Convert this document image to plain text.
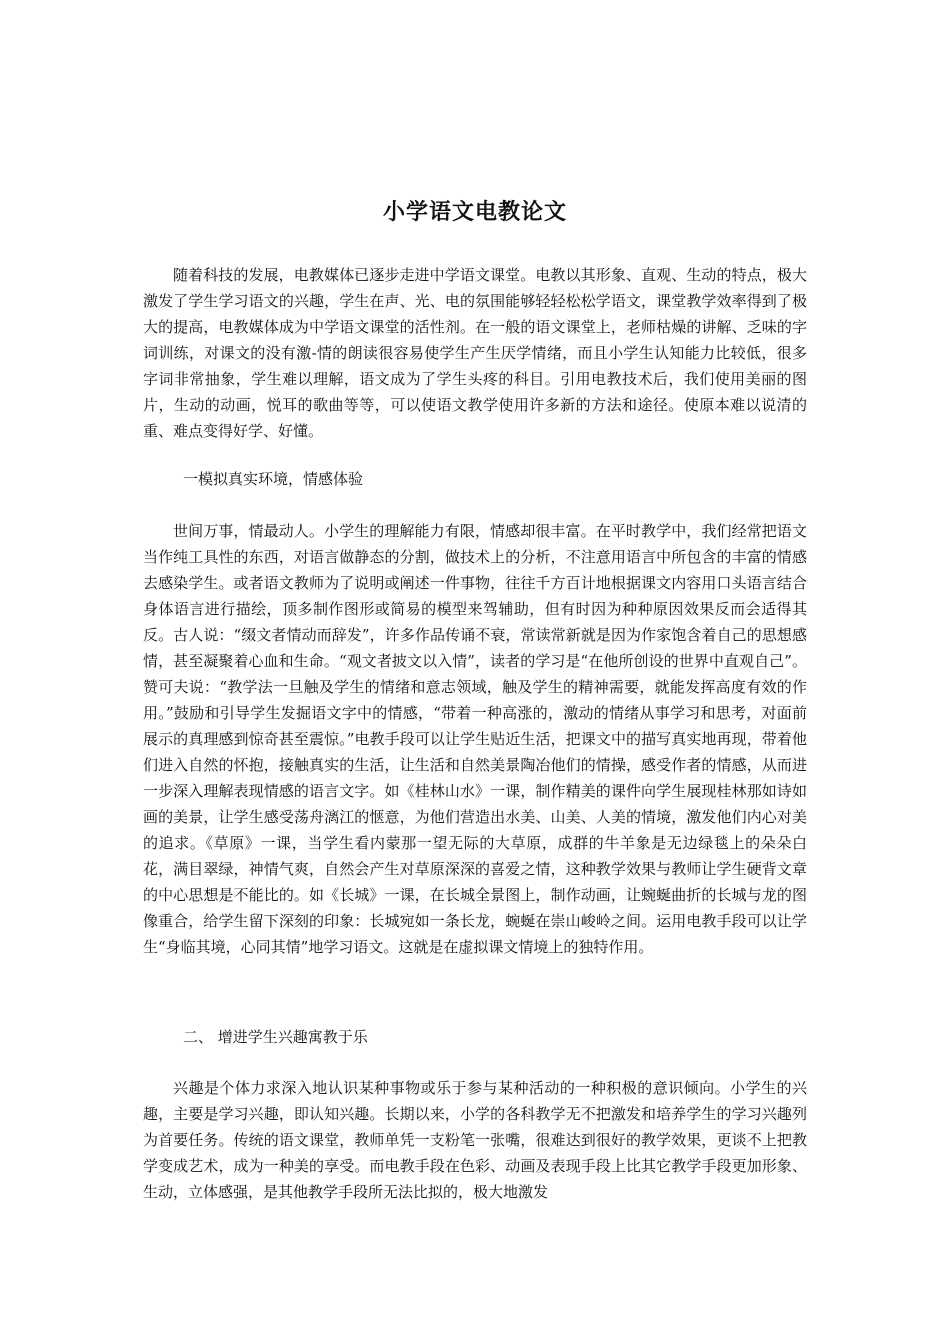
小学语文电教论文

随着科技的发展，电教媒体已逐步走进中学语文课堂。电教以其形象、直观、生动的特点，极大激发了学生学习语文的兴趣，学生在声、光、电的氛围能够轻轻松松学语文，课堂教学效率得到了极大的提高，电教媒体成为中学语文课堂的活性剂。在一般的语文课堂上，老师枯燥的讲解、乏味的字词训练，对课文的没有激-情的朗读很容易使学生产生厌学情绪，而且小学生认知能力比较低，很多字词非常抽象，学生难以理解，语文成为了学生头疼的科目。引用电教技术后，我们使用美丽的图片，生动的动画，悦耳的歌曲等等，可以使语文教学使用许多新的方法和途径。使原本难以说清的重、难点变得好学、好懂。

一模拟真实环境，情感体验

世间万事，情最动人。小学生的理解能力有限，情感却很丰富。在平时教学中，我们经常把语文当作纯工具性的东西，对语言做静态的分割，做技术上的分析，不注意用语言中所包含的丰富的情感去感染学生。或者语文教师为了说明或阐述一件事物，往往千方百计地根据课文内容用口头语言结合身体语言进行描绘，顶多制作图形或简易的模型来驾辅助，但有时因为种种原因效果反而会适得其反。古人说：“缀文者情动而辞发”，许多作品传诵不衰，常读常新就是因为作家饱含着自己的思想感情，甚至凝聚着心血和生命。“观文者披文以入情”，读者的学习是“在他所创设的世界中直观自己”。赞可夫说：“教学法一旦触及学生的情绪和意志领域，触及学生的精神需要，就能发挥高度有效的作用。”鼓励和引导学生发掘语文字中的情感，“带着一种高涨的，激动的情绪从事学习和思考，对面前展示的真理感到惊奇甚至震惊。”电教手段可以让学生贴近生活，把课文中的描写真实地再现，带着他们进入自然的怀抱，接触真实的生活，让生活和自然美景陶冶他们的情操，感受作者的情感，从而进一步深入理解表现情感的语言文字。如《桂林山水》一课，制作精美的课件向学生展现桂林那如诗如画的美景，让学生感受荡舟漓江的惬意，为他们营造出水美、山美、人美的情境，激发他们内心对美的追求。《草原》一课，当学生看内蒙那一望无际的大草原，成群的牛羊象是无边绿毯上的朵朵白花，满目翠绿，神情气爽，自然会产生对草原深深的喜爱之情，这种教学效果与教师让学生硬背文章的中心思想是不能比的。如《长城》一课，在长城全景图上，制作动画，让蜿蜒曲折的长城与龙的图像重合，给学生留下深刻的印象：长城宛如一条长龙，蜿蜒在崇山峻岭之间。运用电教手段可以让学生“身临其境，心同其情”地学习语文。这就是在虚拟课文情境上的独特作用。

二、 增进学生兴趣寓教于乐

兴趣是个体力求深入地认识某种事物或乐于参与某种活动的一种积极的意识倾向。小学生的兴趣，主要是学习兴趣，即认知兴趣。长期以来，小学的各科教学无不把激发和培养学生的学习兴趣列为首要任务。传统的语文课堂，教师单凭一支粉笔一张嘴，很难达到很好的教学效果，更谈不上把教学变成艺术，成为一种美的享受。而电教手段在色彩、动画及表现手段上比其它教学手段更加形象、生动，立体感强，是其他教学手段所无法比拟的，极大地激发
